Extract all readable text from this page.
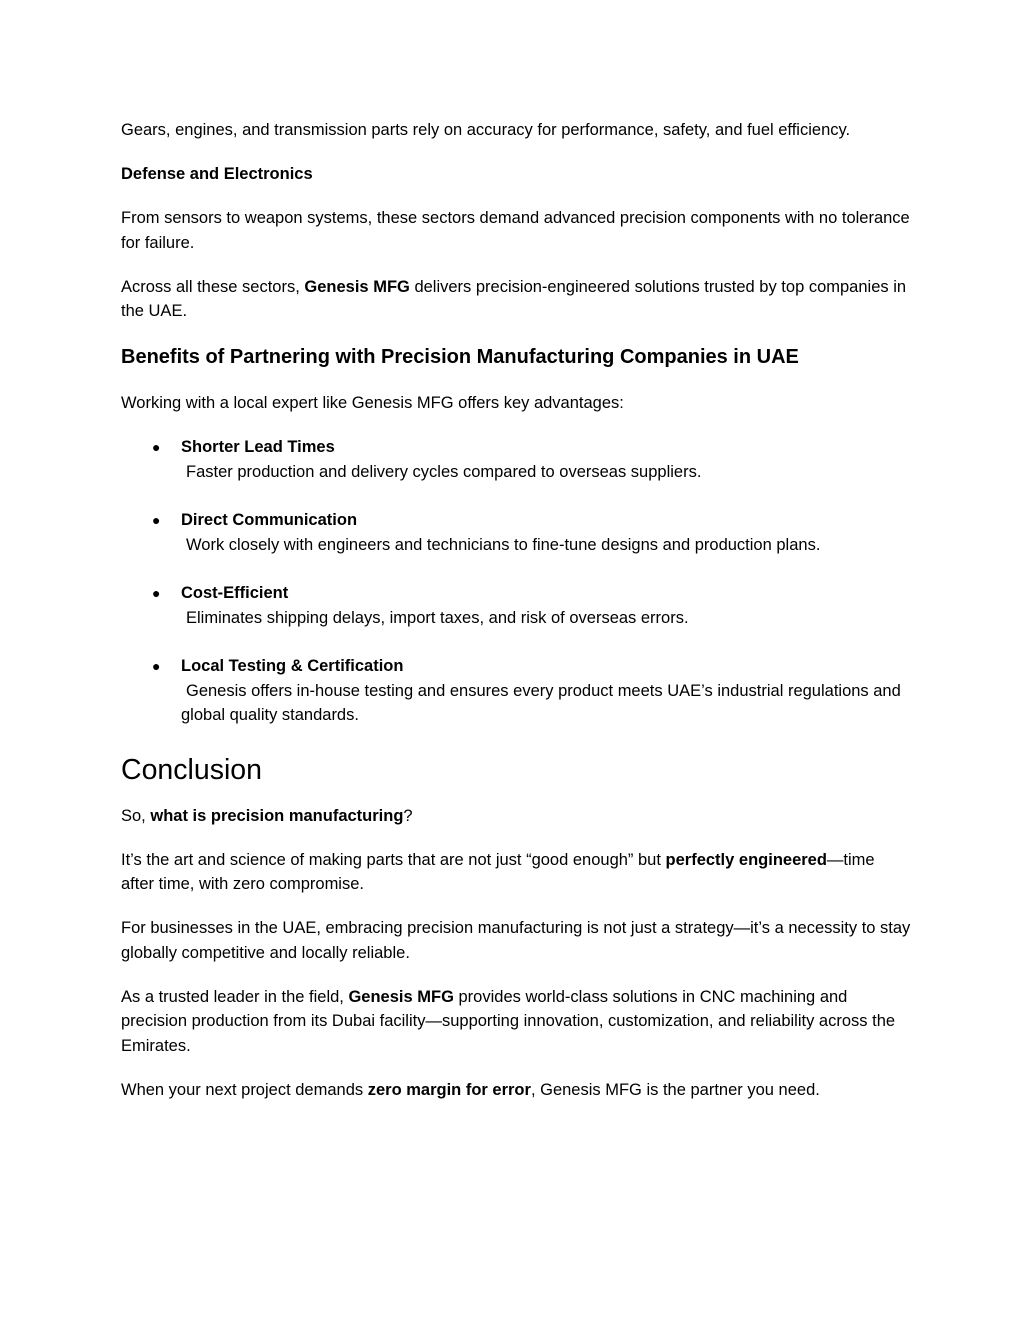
Gears, engines, and transmission parts rely on accuracy for performance, safety, and fuel efficiency.

Defense and Electronics

From sensors to weapon systems, these sectors demand advanced precision components with no tolerance for failure.

Across all these sectors, Genesis MFG delivers precision-engineered solutions trusted by top companies in the UAE.

Benefits of Partnering with Precision Manufacturing Companies in UAE

Working with a local expert like Genesis MFG offers key advantages:

● Shorter Lead Times
Faster production and delivery cycles compared to overseas suppliers.
● Direct Communication
Work closely with engineers and technicians to fine-tune designs and production plans.
● Cost-Efficient
Eliminates shipping delays, import taxes, and risk of overseas errors.
● Local Testing & Certification
Genesis offers in-house testing and ensures every product meets UAE’s industrial regulations and global quality standards.
Conclusion

So, what is precision manufacturing?

It’s the art and science of making parts that are not just “good enough” but perfectly engineered—time after time, with zero compromise.

For businesses in the UAE, embracing precision manufacturing is not just a strategy—it’s a necessity to stay globally competitive and locally reliable.

As a trusted leader in the field, Genesis MFG provides world-class solutions in CNC machining and precision production from its Dubai facility—supporting innovation, customization, and reliability across the Emirates.

When your next project demands zero margin for error, Genesis MFG is the partner you need.
